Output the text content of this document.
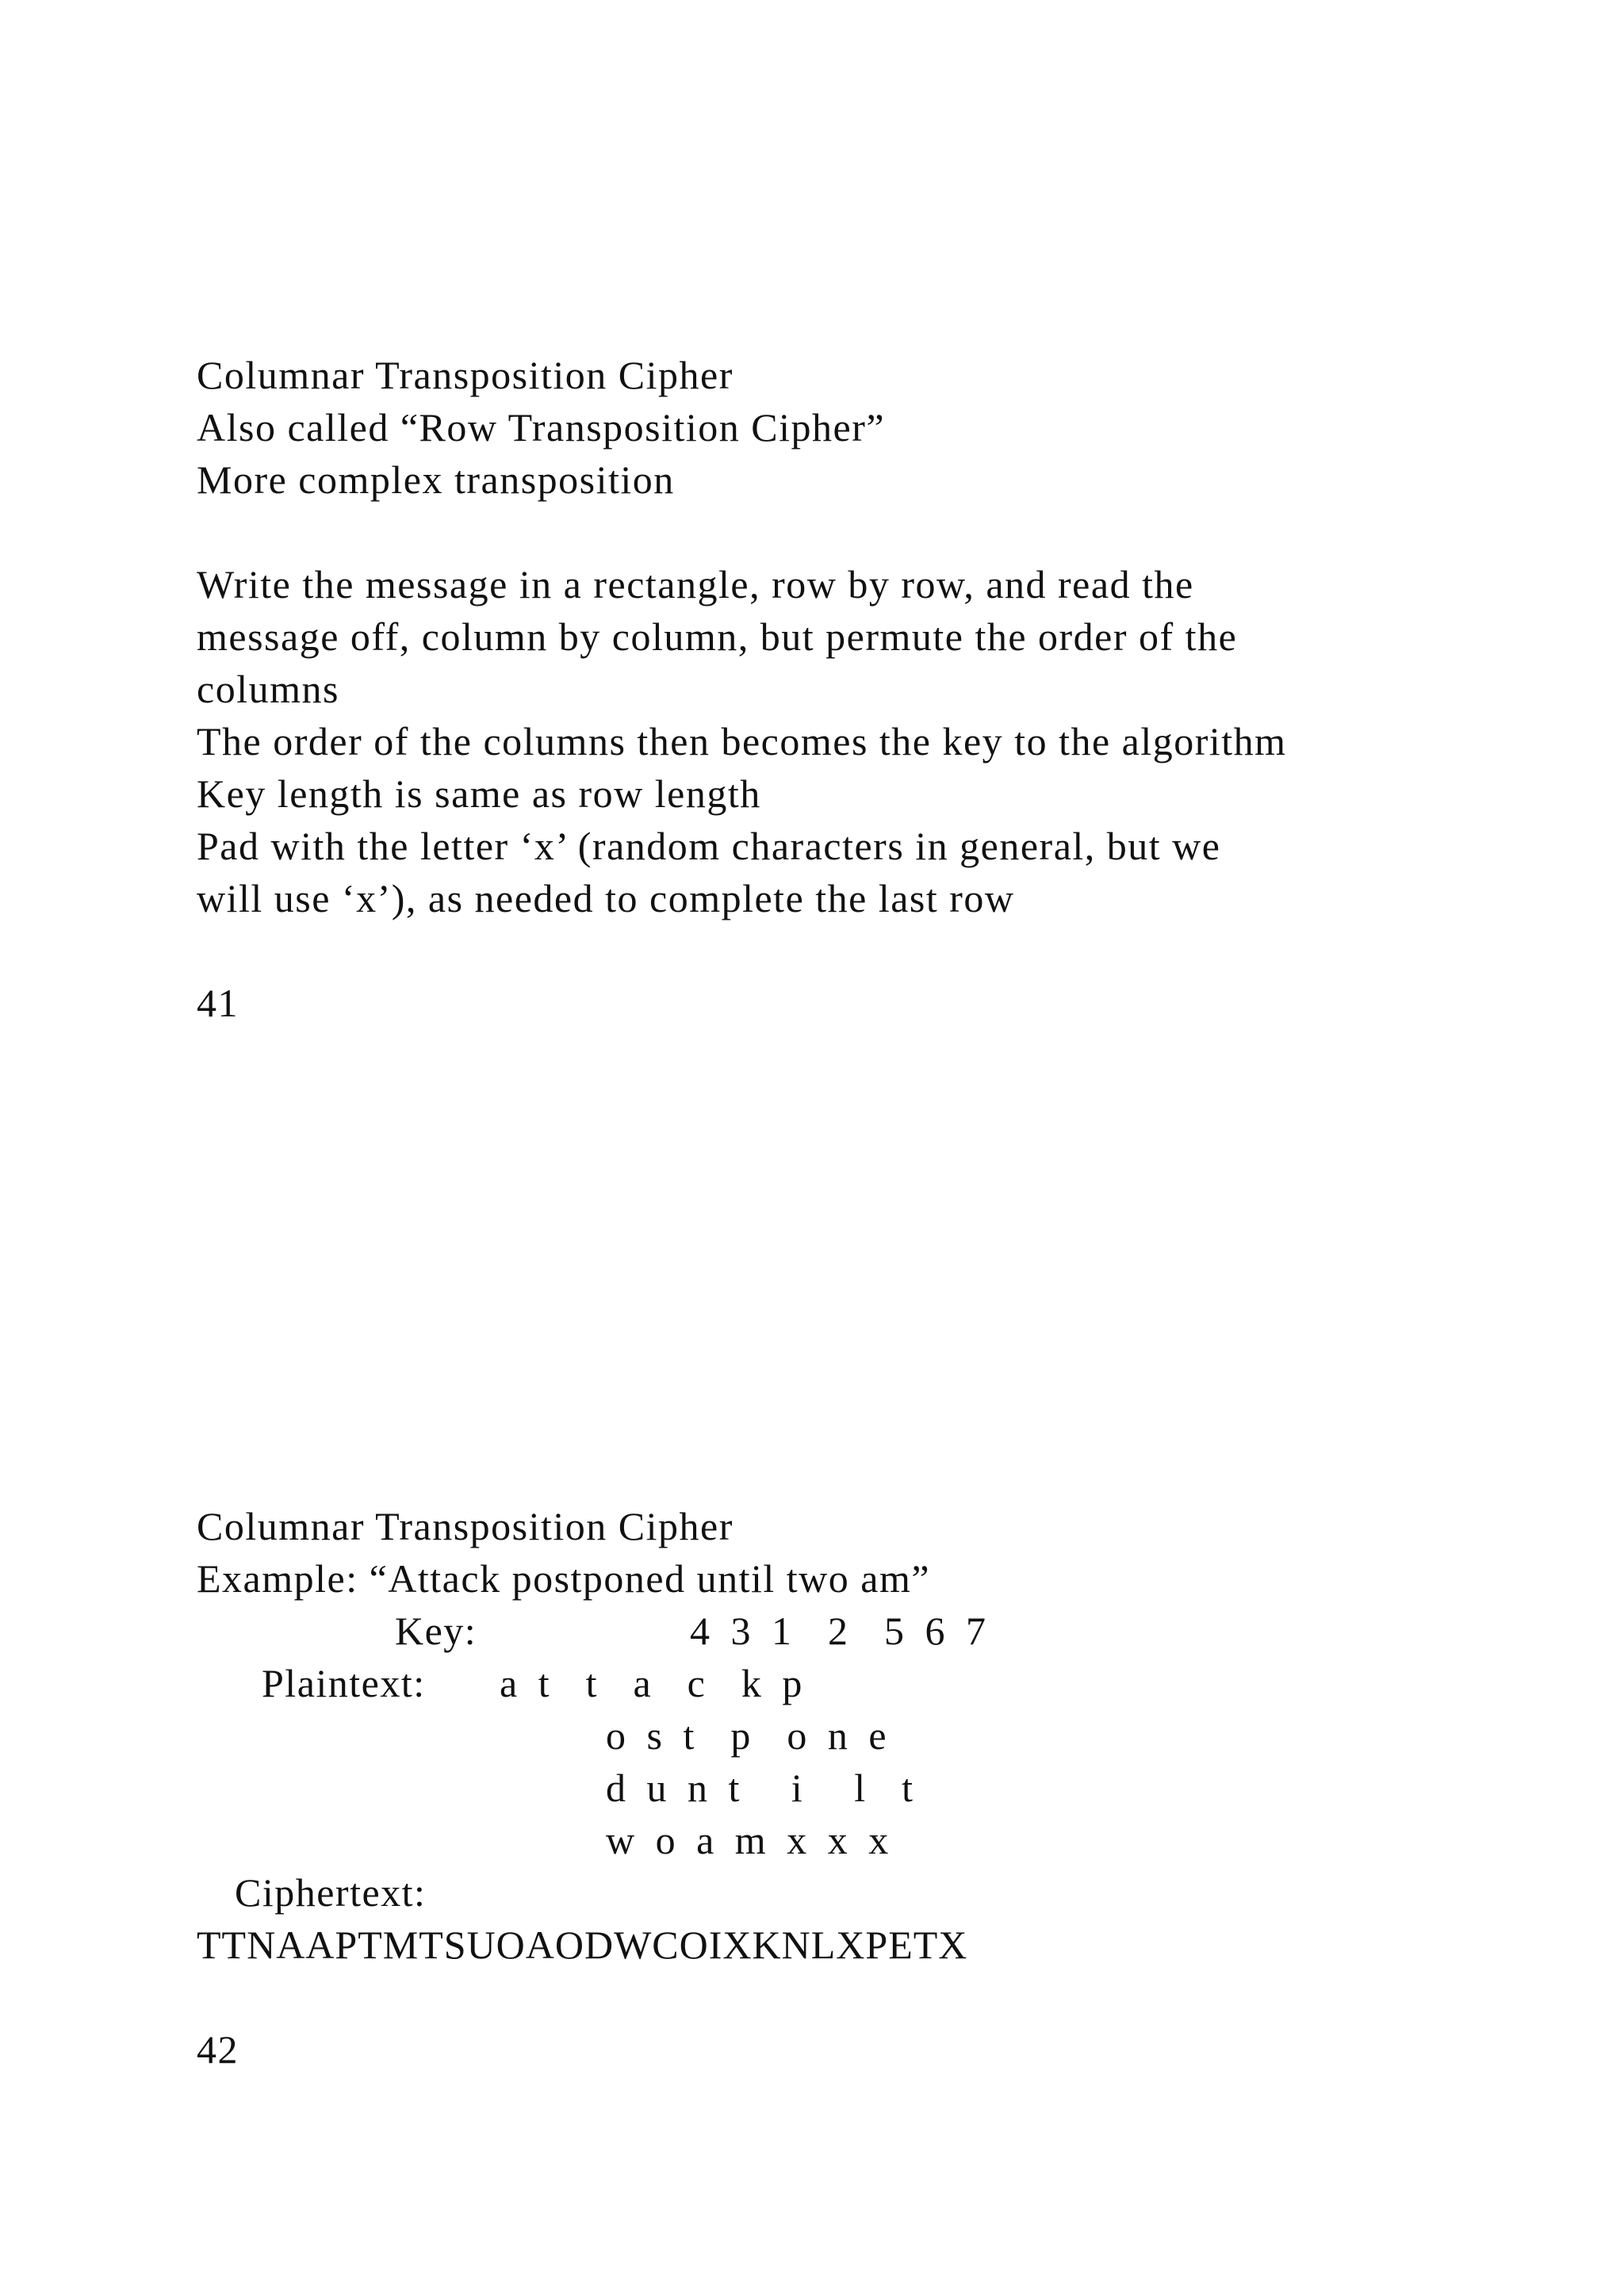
Columnar Transposition Cipher
Also called “Row Transposition Cipher”
More complex transposition
Write the message in a rectangle, row by row, and read the
message off, column by column, but permute the order of the
columns
The order of the columns then becomes the key to the algorithm
Key length is same as row length
Pad with the letter ‘x’ (random characters in general, but we
will use ‘x’), as needed to complete the last row
41
Columnar Transposition Cipher
Example: “Attack postponed until two am”
Key:	4 3 1  2  5 6 7
Plaintext: a t  t  a  c  k p
o s t  p  o n e
d u n t   i   l  t
w o a m x x x
Ciphertext:
TTNAAPTMTSUOAODWCOIXKNLXPETX
42
